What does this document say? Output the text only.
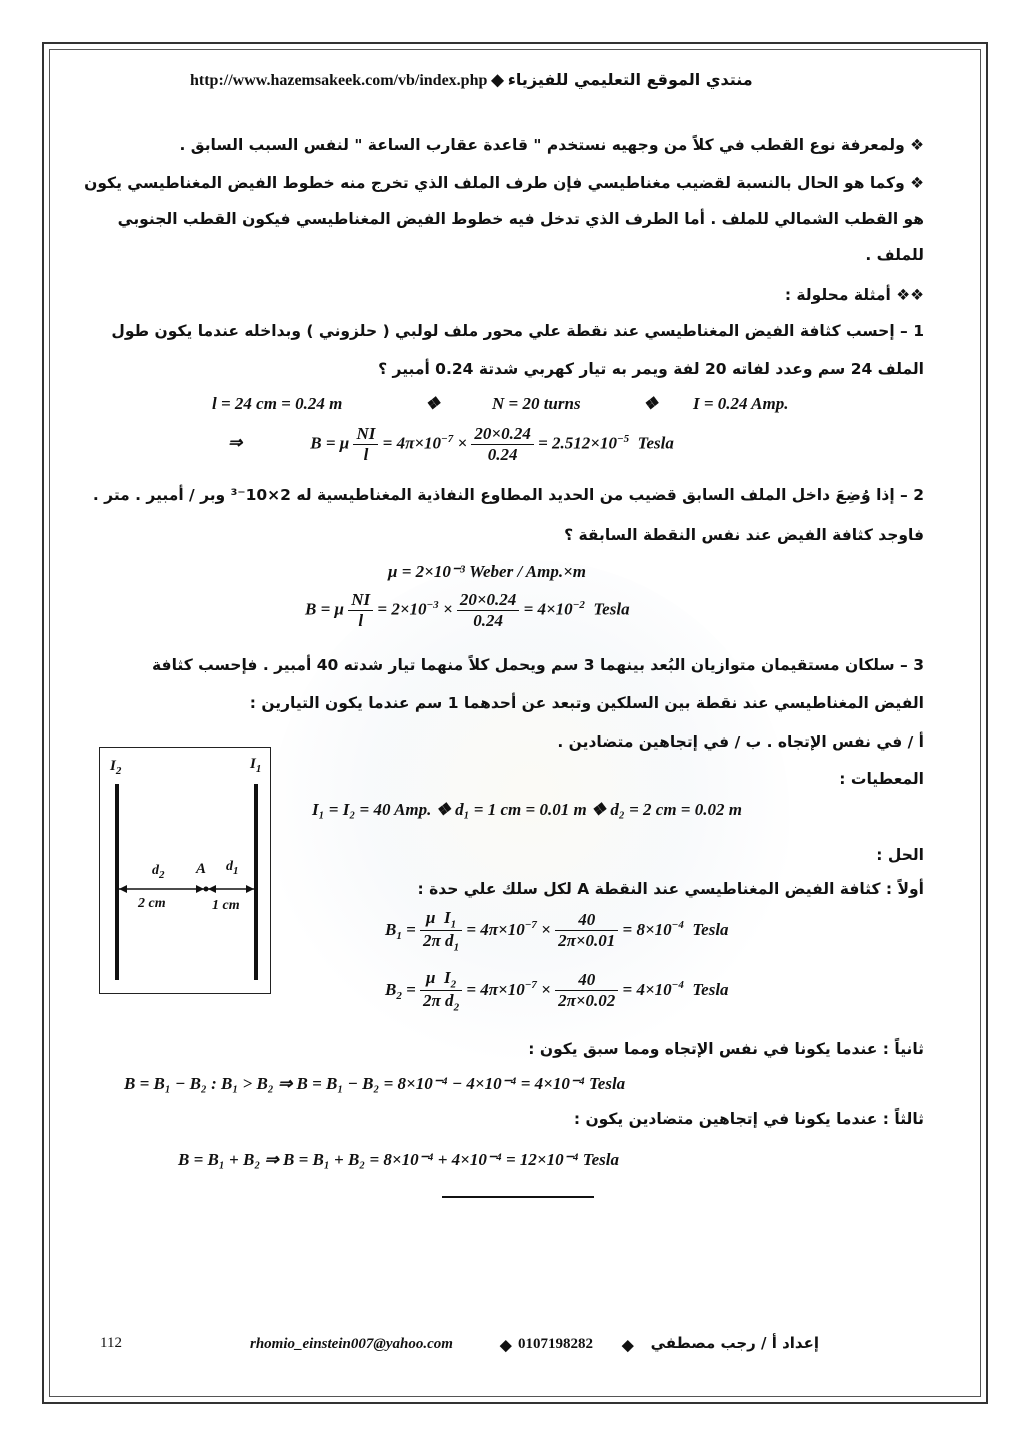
http://www.hazemsakeek.com/vb/index.php ◆ منتدي الموقع التعليمي للفيزياء
❖ ولمعرفة نوع القطب في كلاً من وجهيه نستخدم " قاعدة عقارب الساعة " لنفس السبب السابق .
❖ وكما هو الحال بالنسبة لقضيب مغناطيسي فإن طرف الملف الذي تخرج منه خطوط الفيض المغناطيسي يكون
هو القطب الشمالي للملف . أما الطرف الذي تدخل فيه خطوط الفيض المغناطيسي فيكون القطب الجنوبي
للملف .
❖❖ أمثلة محلولة :
1 – إحسب كثافة الفيض المغناطيسي عند نقطة علي محور ملف لولبي ( حلزوني ) وبداخله عندما يكون طول
الملف 24 سم وعدد لفاته 20 لفة ويمر به تيار كهربي شدتة 0.24 أمبير ؟
l = 24 cm = 0.24 m	❖	N = 20 turns	❖ I = 0.24 Amp.
⇒	B = μ $\frac{NI}{l} = 4\pi\times 10^{-7} \times \frac{20\times 0.24}{0.24} = 2.512\times 10^{-5}$  Tesla
2 – إذا وُضِعَ داخل الملف السابق قضيب من الحديد المطاوع النفاذية المغناطيسية له 2×10⁻³ وبر / أمبير . متر .
فاوجد كثافة الفيض عند نفس النقطة السابقة ؟
μ = 2×10⁻³ Weber / Amp.×m
B = μ $\frac{NI}{l} = 2\times 10^{-3} \times \frac{20\times 0.24}{0.24} = 4\times 10^{-2}$  Tesla
3 – سلكان مستقيمان متوازيان البُعد بينهما 3 سم ويحمل كلاً منهما تيار شدته 40 أمبير . فإحسب كثافة
الفيض المغناطيسي عند نقطة بين السلكين وتبعد عن أحدهما 1 سم عندما يكون التيارين :
أ / في نفس الإتجاه . ب / في إتجاهين متضادين .
المعطيات :
I₁ = I₂ = 40 Amp. ❖ d₁ = 1 cm = 0.01 m ❖ d₂ = 2 cm = 0.02 m
الحل :
أولاً : كثافة الفيض المغناطيسي عند النقطة A لكل سلك علي حدة :
$B_1 = \frac{\mu I_1}{2\pi d_1} = 4\pi\times 10^{-7} \times \frac{40}{2\pi\times 0.01} = 8\times 10^{-4}$  Tesla
$B_2 = \frac{\mu I_2}{2\pi d_2} = 4\pi\times 10^{-7} \times \frac{40}{2\pi\times 0.02} = 4\times 10^{-4}$  Tesla
ثانياً : عندما يكونا في نفس الإتجاه ومما سبق يكون :
B = B₁ − B₂ : B₁ > B₂ ⇒ B = B₁ − B₂ = 8×10⁻⁴ − 4×10⁻⁴ = 4×10⁻⁴ Tesla
ثالثاً : عندما يكونا في إتجاهين متضادين يكون :
B = B₁ + B₂ ⇒ B = B₁ + B₂ = 8×10⁻⁴ + 4×10⁻⁴ = 12×10⁻⁴ Tesla
$I_2$	$I_1$
A
$d_2$
$d_1$
2 cm	1 cm
112	rhomio_einstein007@yahoo.com	◆ 0107198282 ◆ إعداد أ / رجب مصطفي
